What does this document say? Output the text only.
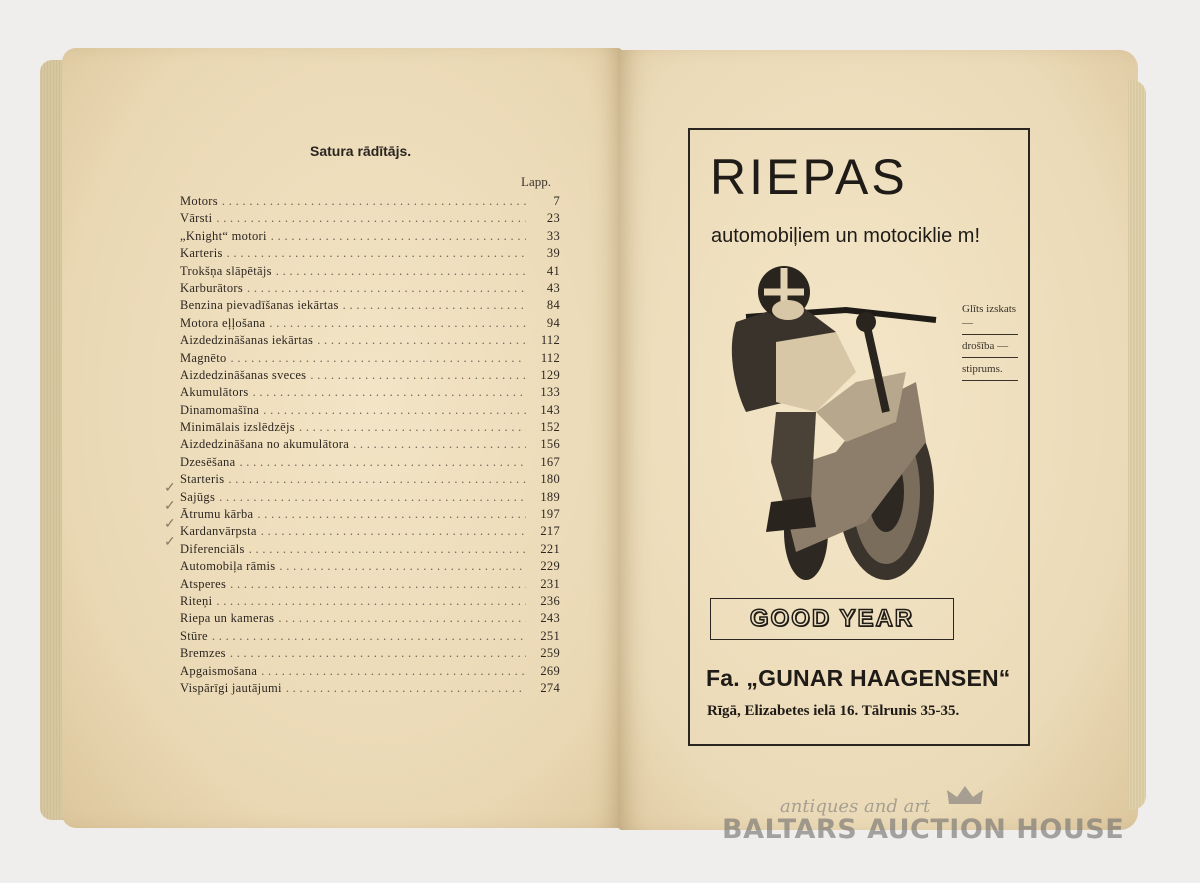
Satura rādītājs.
Lapp.
Motors . . .	7
Vārsti . . .	23
„Knight“ motori . . .	33
Karteris . . .	39
Trokšņa slāpētājs . . .	41
Karburātors . . .	43
Benzina pievadīšanas iekārtas . . .	84
Motora eļļošana . . .	94
Aizdedzināšanas iekārtas . . .	112
Magnēto . . .	112
Aizdedzināšanas sveces . . .	129
Akumulātors . . .	133
Dinamomašīna . . .	143
Minimālais izslēdzējs . . .	152
Aizdedzināšana no akumulātora . . .	156
Dzesēšana . . .	167
Starteris . . .	180
Sajūgs . . .	189
Ātrumu kārba . . .	197
Kardanvārpsta . . .	217
Diferenciāls . . .	221
Automobiļa rāmis . . .	229
Atsperes . . .	231
Riteņi . . .	236
Riepa un kameras . . .	243
Stūre . . .	251
Bremzes . . .	259
Apgaismošana . . .	269
Vispārīgi jautājumi . . .	274
✓
✓
✓
✓
RIEPAS
automobiļiem un motociklie m!
Glīts izskats —
drošība —
stiprums.
GOOD YEAR
Fa. „GUNAR HAAGENSEN“
Rīgā, Elizabetes ielā 16. Tālrunis 35-35.
antiques and art
BALTARS AUCTION HOUSE
